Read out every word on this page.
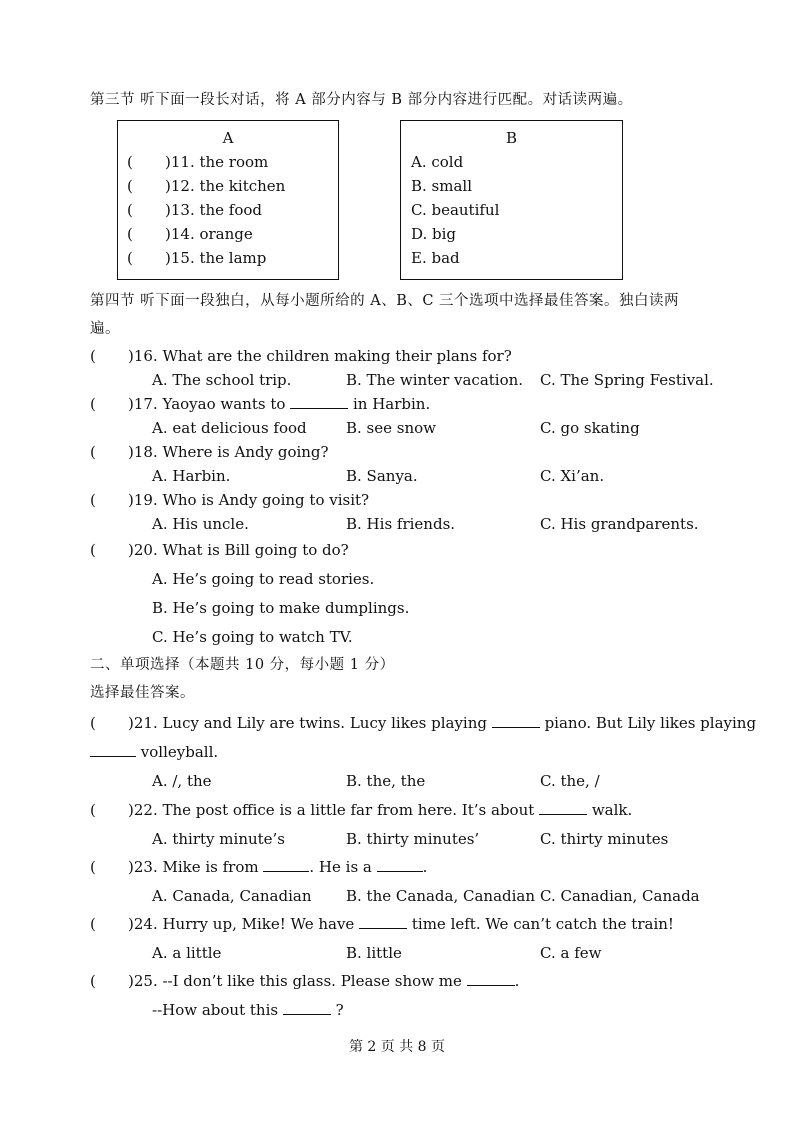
第三节 听下面一段长对话，将 A 部分内容与 B 部分内容进行匹配。对话读两遍。
A
( )11. the room
( )12. the kitchen
( )13. the food
( )14. orange
( )15. the lamp
B
A. cold
B. small
C. beautiful
D. big
E. bad
第四节 听下面一段独白，从每小题所给的 A、B、C 三个选项中选择最佳答案。独白读两
遍。
( )16. What are the children making their plans for?
A. The school trip.	B. The winter vacation. C. The Spring Festival.
( )17. Yaoyao wants to	in Harbin.
A. eat delicious food	B. see snow	C. go skating
( )18. Where is Andy going?
A. Harbin.	B. Sanya.	C. Xi’an.
( )19. Who is Andy going to visit?
A. His uncle.	B. His friends.	C. His grandparents.
( )20. What is Bill going to do?
A. He’s going to read stories.
B. He’s going to make dumplings.
C. He’s going to watch TV.
二、单项选择（本题共 10 分，每小题 1 分）
选择最佳答案。
( )21. Lucy and Lily are twins. Lucy likes playing	piano. But Lily likes playing
volleyball.
A. /, the	B. the, the	C. the, /
( )22. The post office is a little far from here. It’s about	walk.
A. thirty minute’s	B. thirty minutes’	C. thirty minutes
( )23. Mike is from	. He is a	.
A. Canada, Canadian B. the Canada, Canadian C. Canadian, Canada
( )24. Hurry up, Mike! We have	time left. We can’t catch the train!
A. a little	B. little	C. a few
( )25. --I don’t like this glass. Please show me	.
--How about this	?
第 2 页 共 8 页
